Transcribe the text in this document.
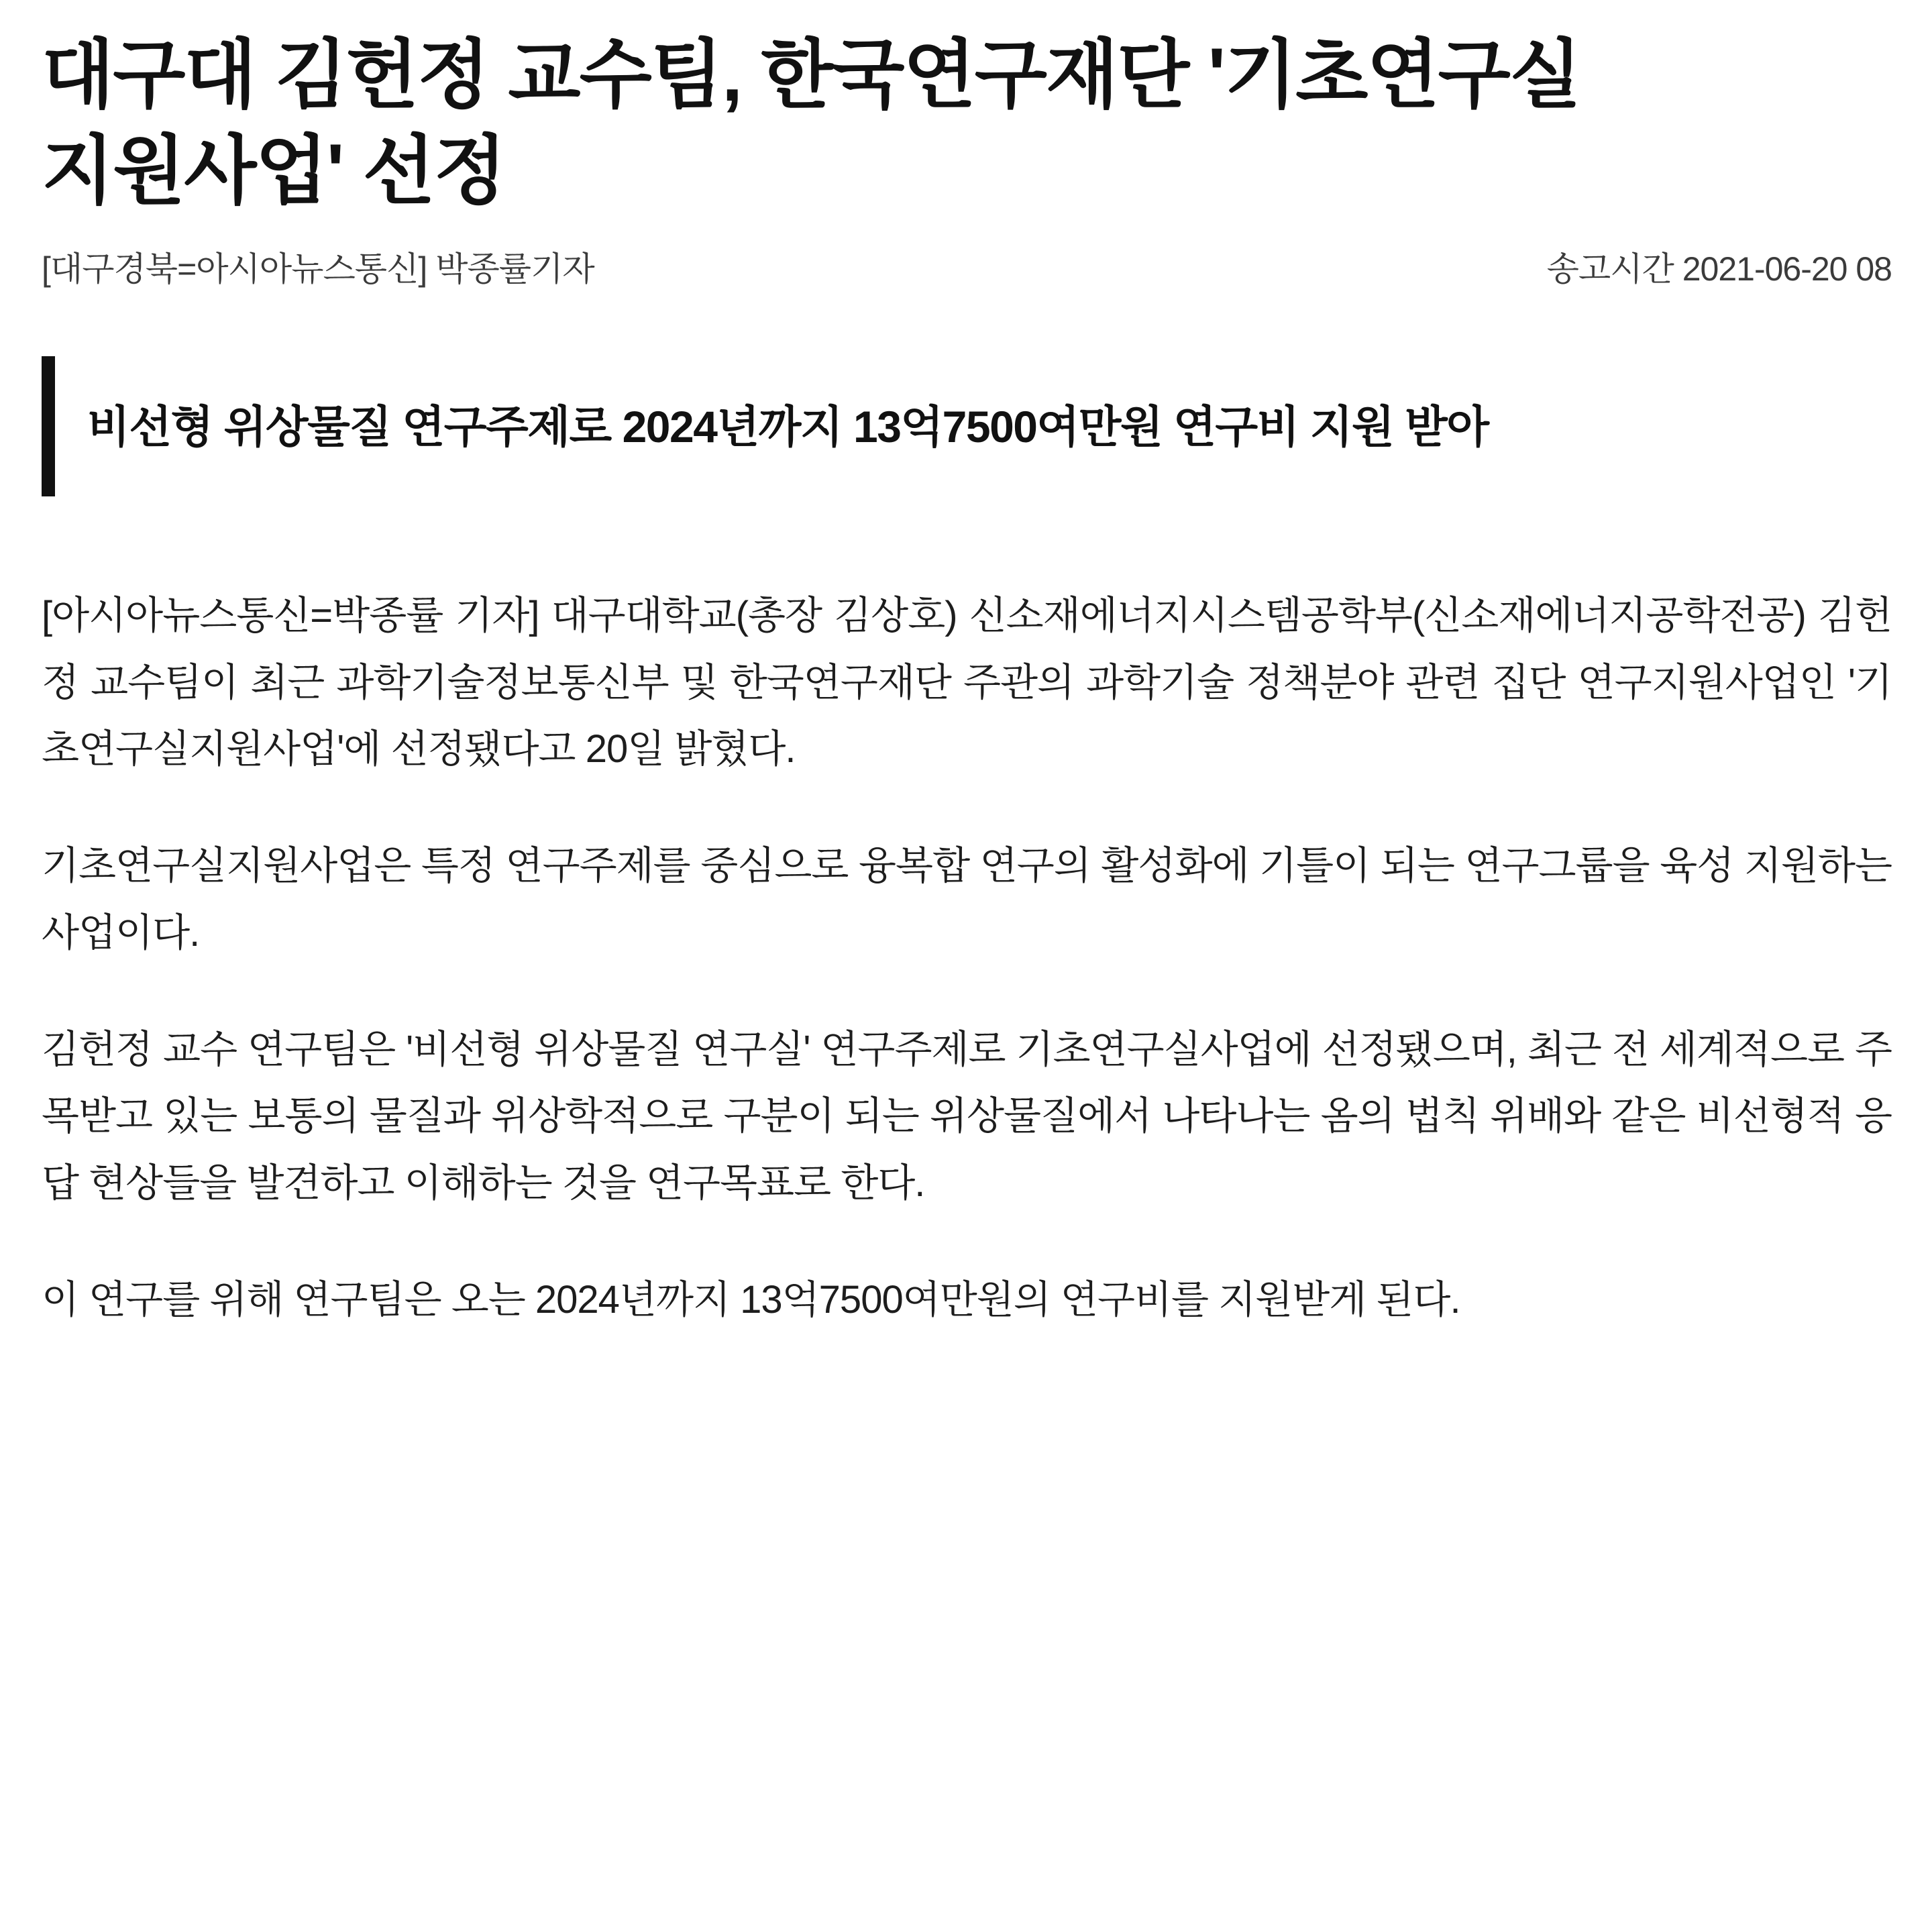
대구대 김헌정 교수팀, 한국연구재단 '기초연구실
지원사업' 선정
[대구경북=아시아뉴스통신] 박종률기자	송고시간 2021-06-20 08
비선형 위상물질 연구주제로 2024년까지 13억7500여만원 연구비 지원 받아

[아시아뉴스통신=박종률 기자] 대구대학교(총장 김상호) 신소재에너지시스템공학부(신소재에너지공학전공) 김헌정 교수팀이 최근 과학기술정보통신부 및 한국연구재단 주관의 과학기술 정책분야 관련 집단 연구지원사업인 '기초연구실지원사업'에 선정됐다고 20일 밝혔다.

기초연구실지원사업은 특정 연구주제를 중심으로 융복합 연구의 활성화에 기틀이 되는 연구그룹을 육성 지원하는 사업이다.

김헌정 교수 연구팀은 '비선형 위상물질 연구실' 연구주제로 기초연구실사업에 선정됐으며, 최근 전 세계적으로 주목받고 있는 보통의 물질과 위상학적으로 구분이 되는 위상물질에서 나타나는 옴의 법칙 위배와 같은 비선형적 응답 현상들을 발견하고 이해하는 것을 연구목표로 한다.

이 연구를 위해 연구팀은 오는 2024년까지 13억7500여만원의 연구비를 지원받게 된다.
